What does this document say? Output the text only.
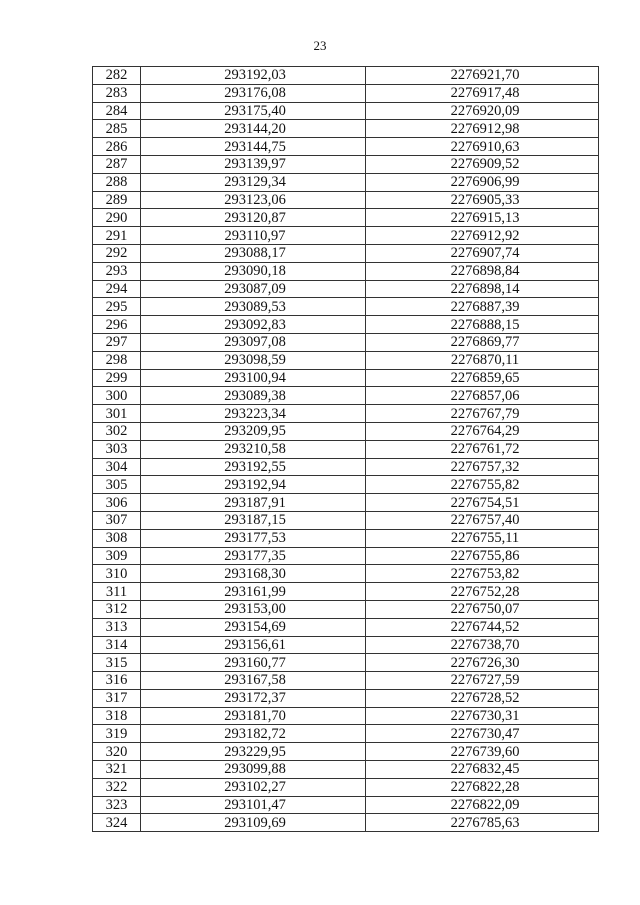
23
282	293192,03	2276921,70
283	293176,08	2276917,48
284	293175,40	2276920,09
285	293144,20	2276912,98
286	293144,75	2276910,63
287	293139,97	2276909,52
288	293129,34	2276906,99
289	293123,06	2276905,33
290	293120,87	2276915,13
291	293110,97	2276912,92
292	293088,17	2276907,74
293	293090,18	2276898,84
294	293087,09	2276898,14
295	293089,53	2276887,39
296	293092,83	2276888,15
297	293097,08	2276869,77
298	293098,59	2276870,11
299	293100,94	2276859,65
300	293089,38	2276857,06
301	293223,34	2276767,79
302	293209,95	2276764,29
303	293210,58	2276761,72
304	293192,55	2276757,32
305	293192,94	2276755,82
306	293187,91	2276754,51
307	293187,15	2276757,40
308	293177,53	2276755,11
309	293177,35	2276755,86
310	293168,30	2276753,82
311	293161,99	2276752,28
312	293153,00	2276750,07
313	293154,69	2276744,52
314	293156,61	2276738,70
315	293160,77	2276726,30
316	293167,58	2276727,59
317	293172,37	2276728,52
318	293181,70	2276730,31
319	293182,72	2276730,47
320	293229,95	2276739,60
321	293099,88	2276832,45
322	293102,27	2276822,28
323	293101,47	2276822,09
324	293109,69	2276785,63
